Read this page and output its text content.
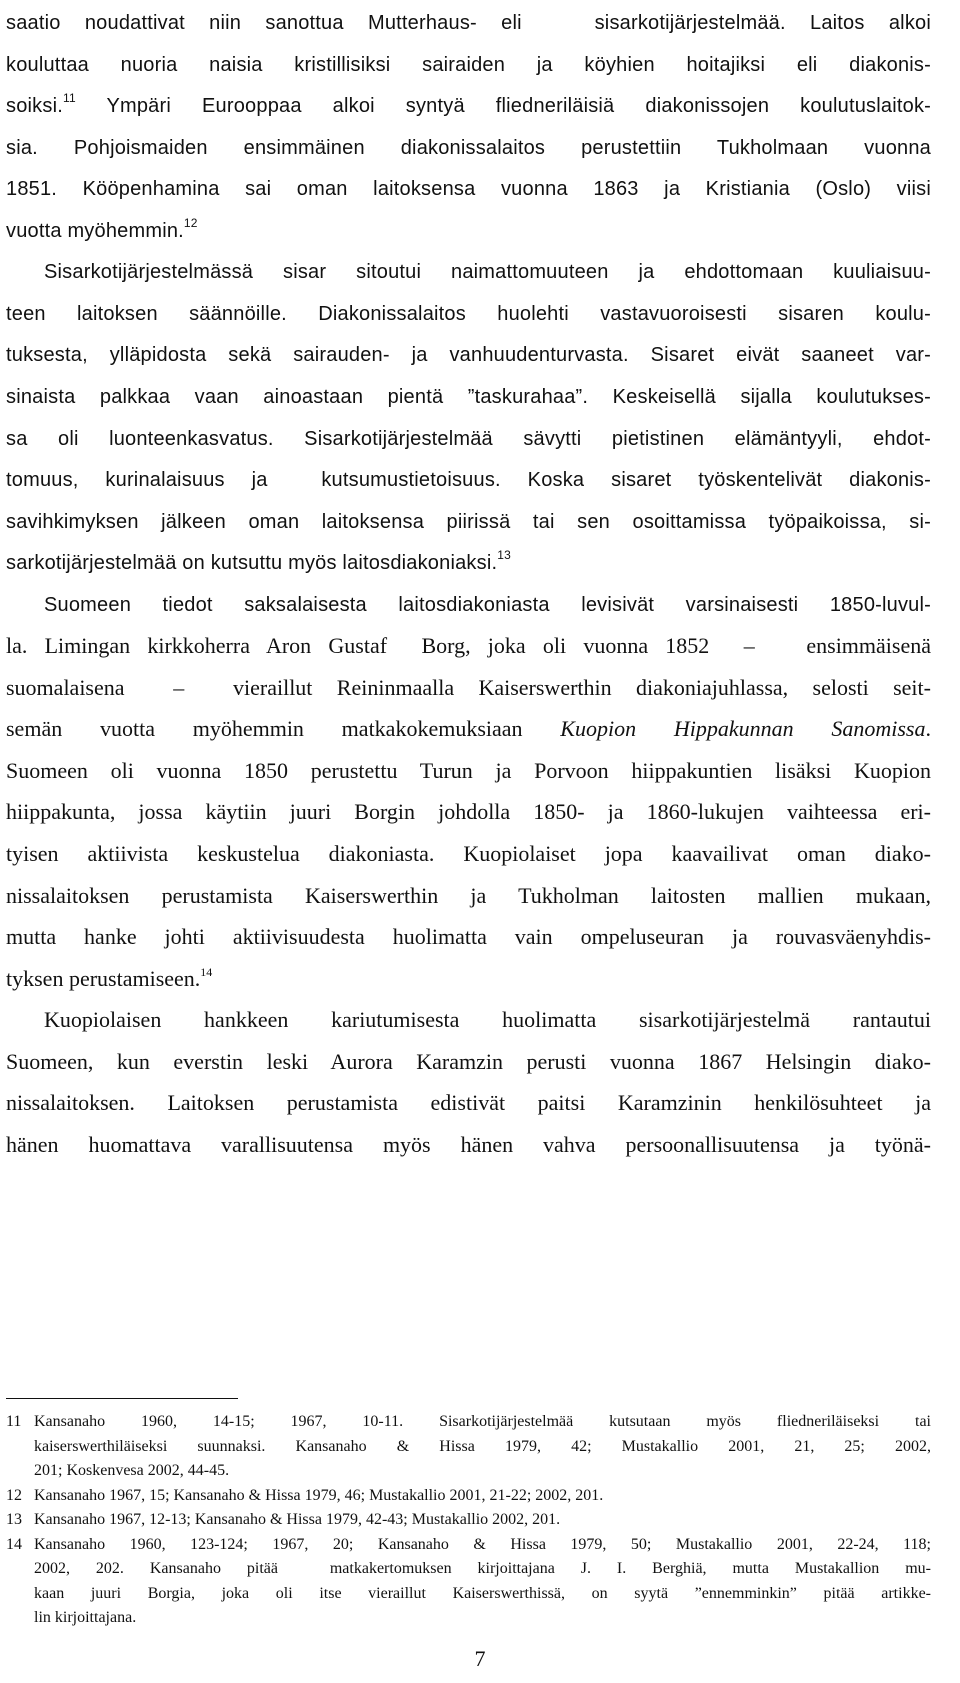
saatio noudattivat niin sanottua Mutterhaus- eli   sisarkotijärjestelmää. Laitos alkoi
kouluttaa nuoria naisia kristillisiksi sairaiden ja köyhien hoitajiksi eli diakonis-
soiksi.$^{11}$ Ympäri Eurooppaa alkoi syntyä fliedneriläisiä diakonissojen koulutuslaitok-
sia. Pohjoismaiden ensimmäinen diakonissalaitos perustettiin Tukholmaan vuonna
1851. Kööpenhamina sai oman laitoksensa vuonna 1863 ja Kristiania (Oslo) viisi
vuotta myöhemmin.$^{12}$
Sisarkotijärjestelmässä sisar sitoutui naimattomuuteen ja ehdottomaan kuuliaisuu-
teen laitoksen säännöille. Diakonissalaitos huolehti vastavuoroisesti sisaren koulu-
tuksesta, ylläpidosta sekä sairauden- ja vanhuudenturvasta. Sisaret eivät saaneet var-
sinaista palkkaa vaan ainoastaan pientä ”taskurahaa”. Keskeisellä sijalla koulutukses-
sa oli luonteenkasvatus. Sisarkotijärjestelmää sävytti pietistinen elämäntyyli, ehdot-
tomuus, kurinalaisuus ja  kutsumustietoisuus. Koska sisaret työskentelivät diakonis-
savihkimyksen jälkeen oman laitoksensa piirissä tai sen osoittamissa työpaikoissa, si-
sarkotijärjestelmää on kutsuttu myös laitosdiakoniaksi.$^{13}$
Suomeen tiedot saksalaisesta laitosdiakoniasta levisivät varsinaisesti 1850-luvul-
la. Limingan kirkkoherra Aron Gustaf  Borg, joka oli vuonna 1852  –   ensimmäisenä
suomalaisena  –  vieraillut Reininmaalla Kaiserswerthin diakoniajuhlassa, selosti seit-
semän vuotta myöhemmin matkakokemuksiaan Kuopion Hippakunnan Sanomissa.
Suomeen oli vuonna 1850 perustettu Turun ja Porvoon hiippakuntien lisäksi Kuopion
hiippakunta, jossa käytiin juuri Borgin johdolla 1850- ja 1860-lukujen vaihteessa eri-
tyisen aktiivista keskustelua diakoniasta. Kuopiolaiset jopa kaavailivat oman diako-
nissalaitoksen perustamista Kaiserswerthin ja Tukholman laitosten mallien mukaan,
mutta hanke johti aktiivisuudesta huolimatta vain ompeluseuran ja rouvasväenyhdis-
tyksen perustamiseen.$^{14}$
Kuopiolaisen hankkeen kariutumisesta huolimatta sisarkotijärjestelmä rantautui
Suomeen, kun everstin leski Aurora Karamzin perusti vuonna 1867 Helsingin diako-
nissalaitoksen. Laitoksen perustamista edistivät paitsi Karamzinin henkilösuhteet ja
hänen huomattava varallisuutensa myös hänen vahva persoonallisuutensa ja työnä-
11 Kansanaho 1960, 14-15; 1967, 10-11. Sisarkotijärjestelmää kutsutaan myös fliedneriläiseksi tai
kaiserswerthiläiseksi suunnaksi. Kansanaho & Hissa 1979, 42; Mustakallio 2001, 21, 25; 2002,
201; Koskenvesa 2002, 44-45.
12 Kansanaho 1967, 15; Kansanaho & Hissa 1979, 46; Mustakallio 2001, 21-22; 2002, 201.
13 Kansanaho 1967, 12-13; Kansanaho & Hissa 1979, 42-43; Mustakallio 2002, 201.
14 Kansanaho 1960, 123-124; 1967, 20; Kansanaho & Hissa 1979, 50; Mustakallio 2001, 22-24, 118;
2002, 202. Kansanaho pitää  matkakertomuksen kirjoittajana J. I. Berghiä, mutta Mustakallion mu-
kaan juuri Borgia, joka oli itse vieraillut Kaiserswerthissä, on syytä ”ennemminkin” pitää artikke-
lin kirjoittajana.
7
